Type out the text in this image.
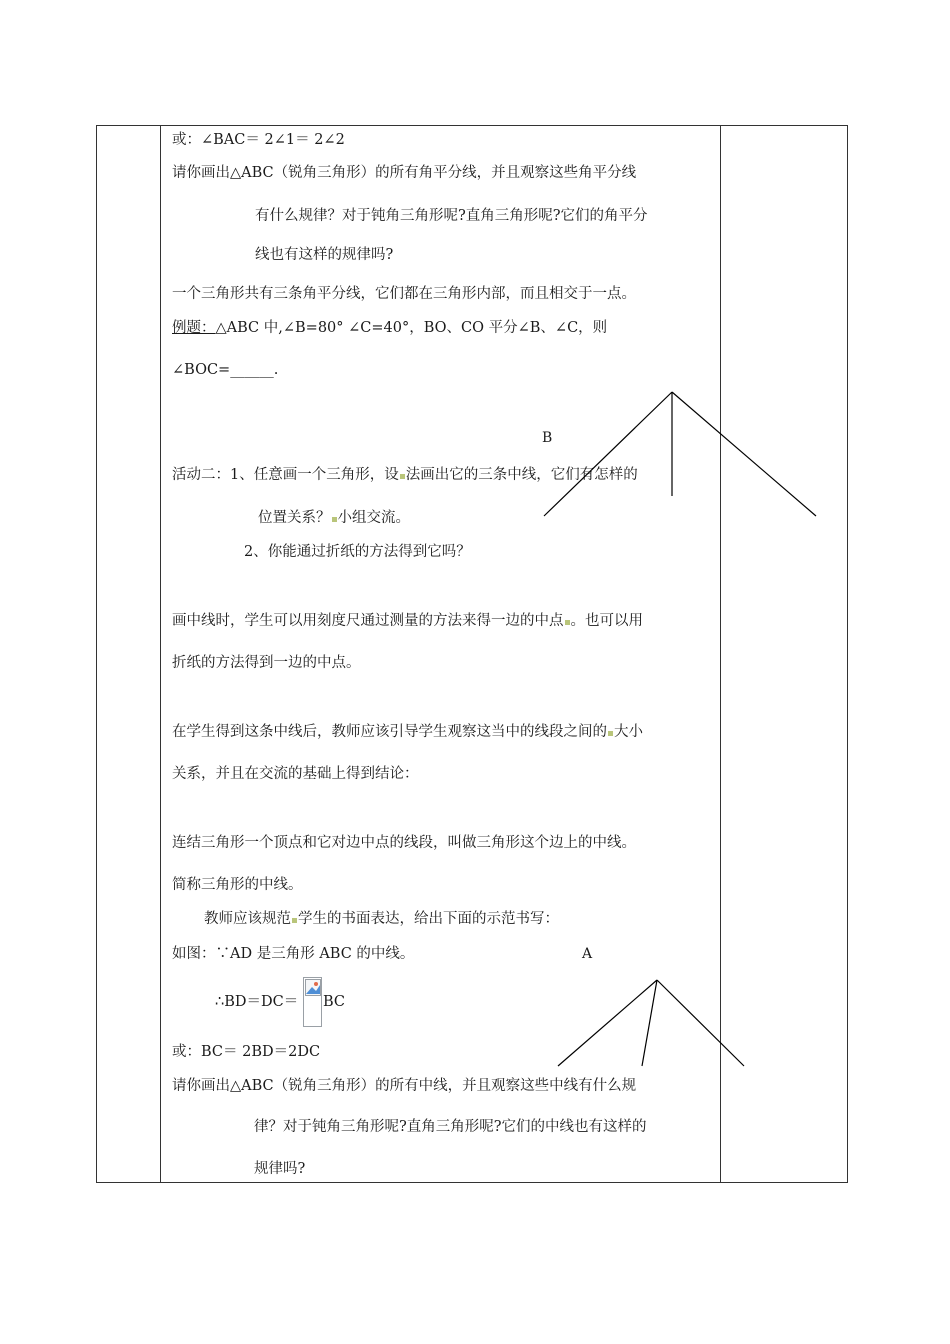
或：∠BAC＝ 2∠1＝ 2∠2
请你画出△ABC（锐角三角形）的所有角平分线，并且观察这些角平分线
有什么规律？对于钝角三角形呢?直角三角形呢?它们的角平分
线也有这样的规律吗?
一个三角形共有三条角平分线，它们都在三角形内部，而且相交于一点。
例题：△ABC 中,∠B=80° ∠C=40°，BO、CO 平分∠B、∠C，则
∠BOC=______.
B
活动二：1、任意画一个三角形，设 法画出它的三条中线，它们有怎样的
位置关系？ 小组交流。
2、你能通过折纸的方法得到它吗？
画中线时，学生可以用刻度尺通过测量的方法来得一边的中点 。也可以用
折纸的方法得到一边的中点。
在学生得到这条中线后，教师应该引导学生观察这当中的线段之间的 大小
关系，并且在交流的基础上得到结论：
连结三角形一个顶点和它对边中点的线段，叫做三角形这个边上的中线。
简称三角形的中线。
教师应该规范 学生的书面表达，给出下面的示范书写：
如图：∵AD 是三角形 ABC 的中线。	A
∴BD＝DC＝ BC
或：BC＝ 2BD＝2DC
请你画出△ABC（锐角三角形）的所有中线，并且观察这些中线有什么规
律？对于钝角三角形呢?直角三角形呢?它们的中线也有这样的
规律吗?
